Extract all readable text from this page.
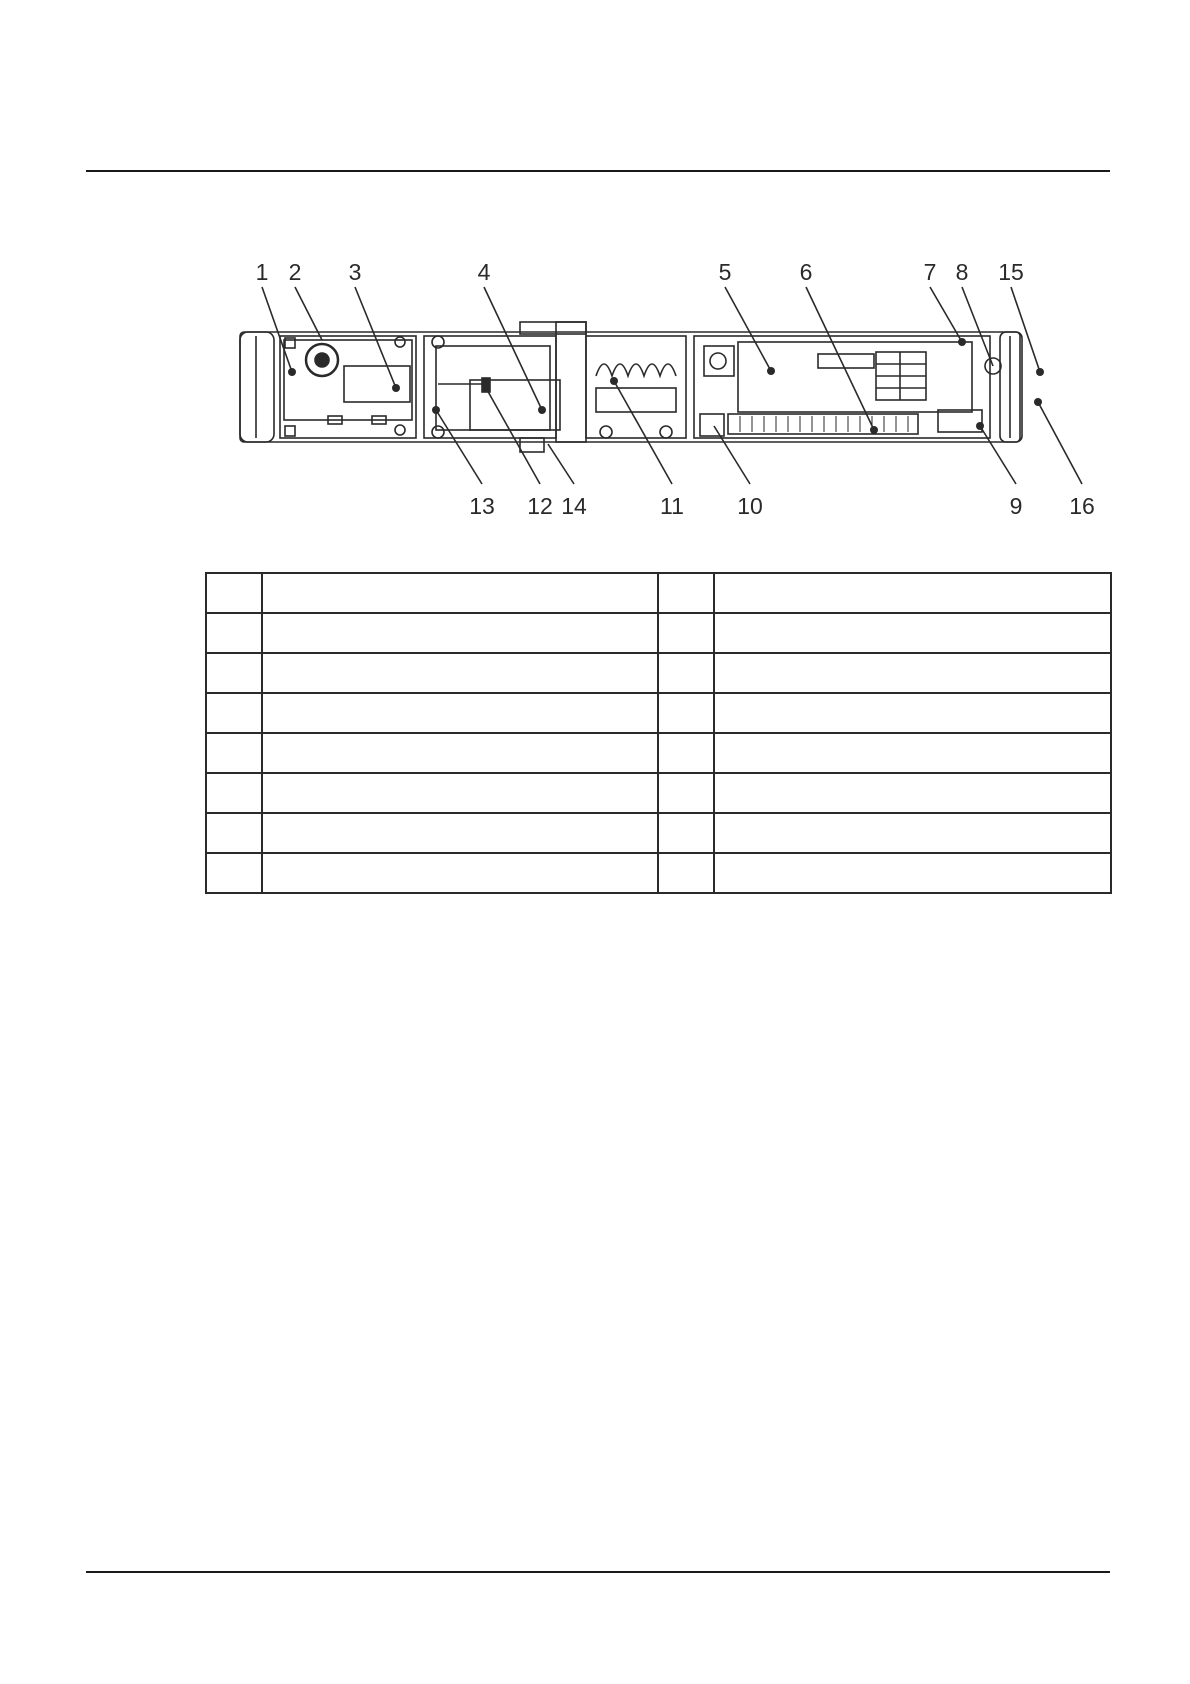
1 2 3	4	5	6	7 8 15
13 12 14	11 10	9 16
